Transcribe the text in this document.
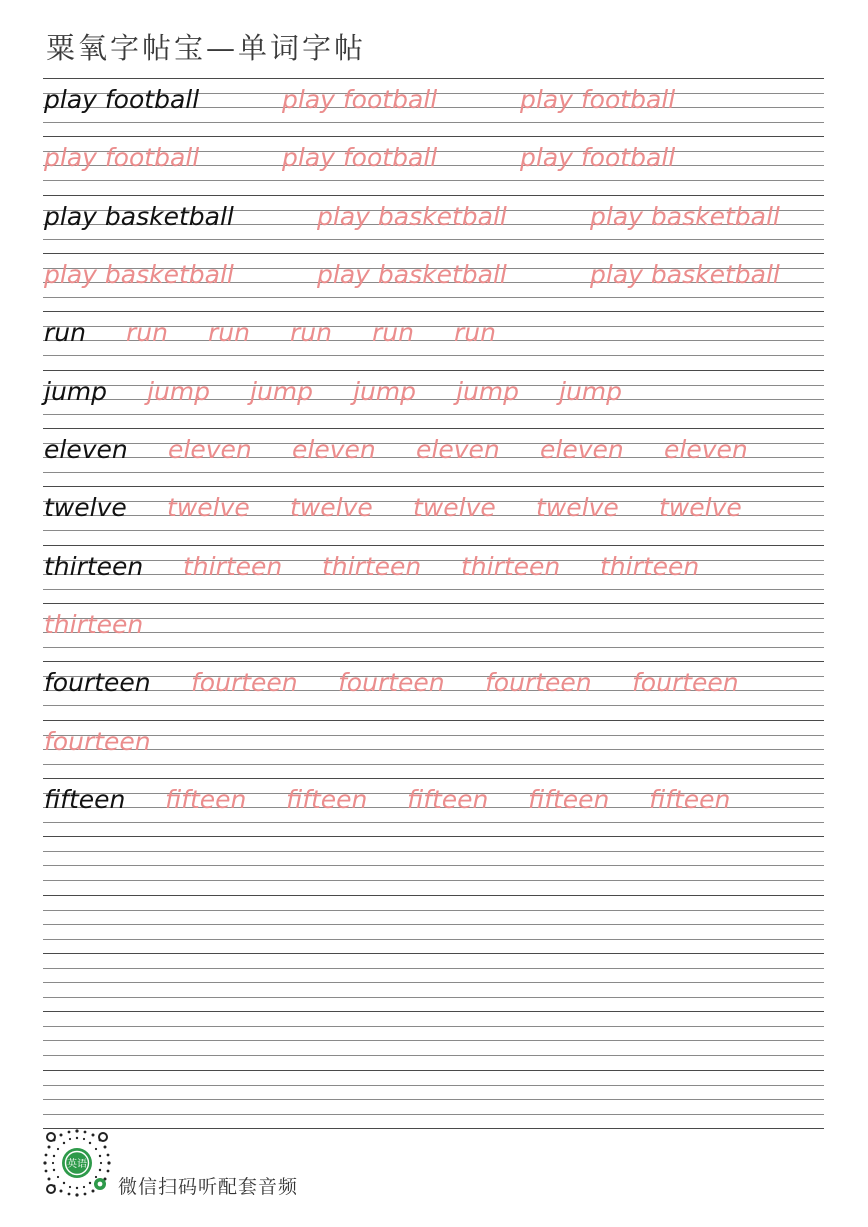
粟氧字帖宝—单词字帖
play football	play football	play football
play football	play football	play football
play basketball	play basketball	play basketball
play basketball	play basketball	play basketball
run run run run run run
jump jump jump jump jump jump
eleven eleven eleven eleven eleven eleven
twelve twelve twelve twelve twelve twelve
thirteen thirteen thirteen thirteen thirteen
thirteen
fourteen fourteen fourteen fourteen fourteen
fourteen
fifteen fifteen fifteen fifteen fifteen fifteen
英语
微信扫码听配套音频
